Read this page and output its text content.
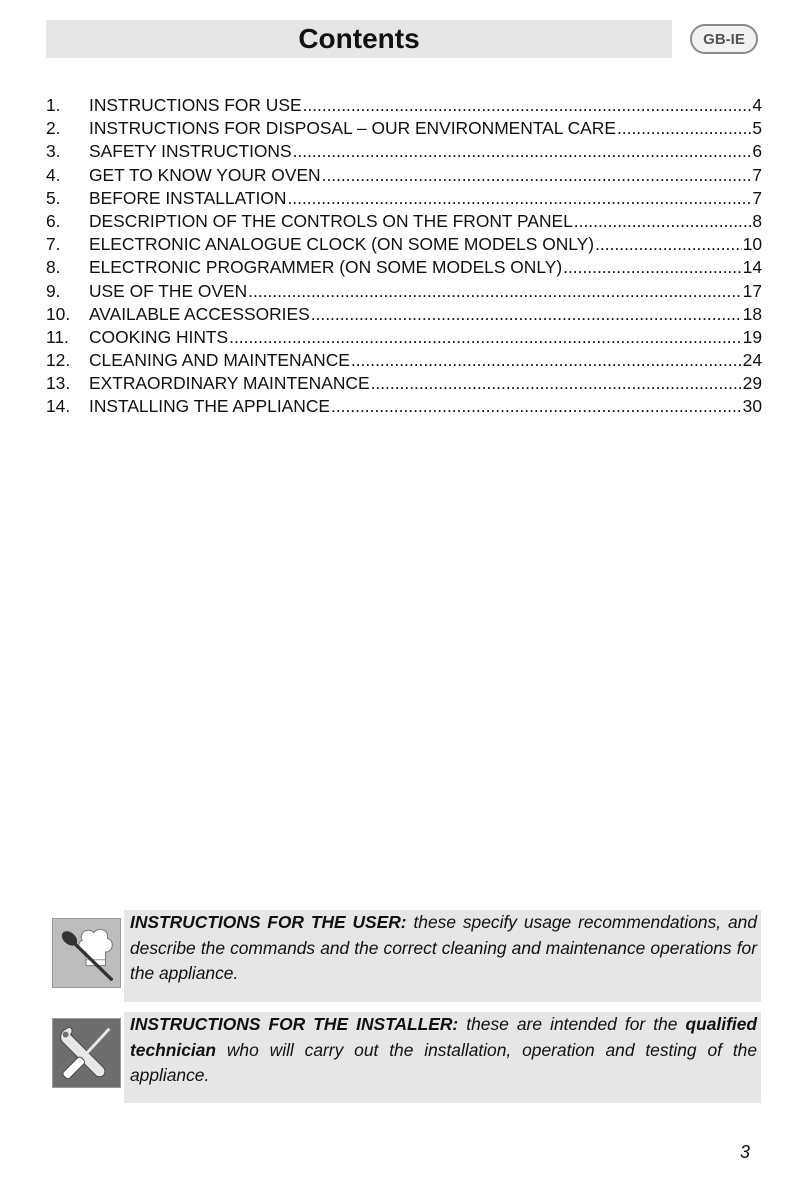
Contents	GB-IE
1.	INSTRUCTIONS FOR USE .....	4
2.	INSTRUCTIONS FOR DISPOSAL – OUR ENVIRONMENTAL CARE .....	5
3.	SAFETY INSTRUCTIONS .....	6
4.	GET TO KNOW YOUR OVEN .....	7
5.	BEFORE INSTALLATION .....	7
6.	DESCRIPTION OF THE CONTROLS ON THE FRONT PANEL .....	8
7.	ELECTRONIC ANALOGUE CLOCK (ON SOME MODELS ONLY) .....	10
8.	ELECTRONIC PROGRAMMER (ON SOME MODELS ONLY) .....	14
9.	USE OF THE OVEN .....	17
10.	AVAILABLE ACCESSORIES .....	18
11.	COOKING HINTS .....	19
12.	CLEANING AND MAINTENANCE .....	24
13.	EXTRAORDINARY MAINTENANCE .....	29
14.	INSTALLING THE APPLIANCE .....	30

INSTRUCTIONS FOR THE USER: these specify usage recommendations, and describe the commands and the correct cleaning and maintenance operations for the appliance.

INSTRUCTIONS FOR THE INSTALLER: these are intended for the qualified technician who will carry out the installation, operation and testing of the appliance.

3
